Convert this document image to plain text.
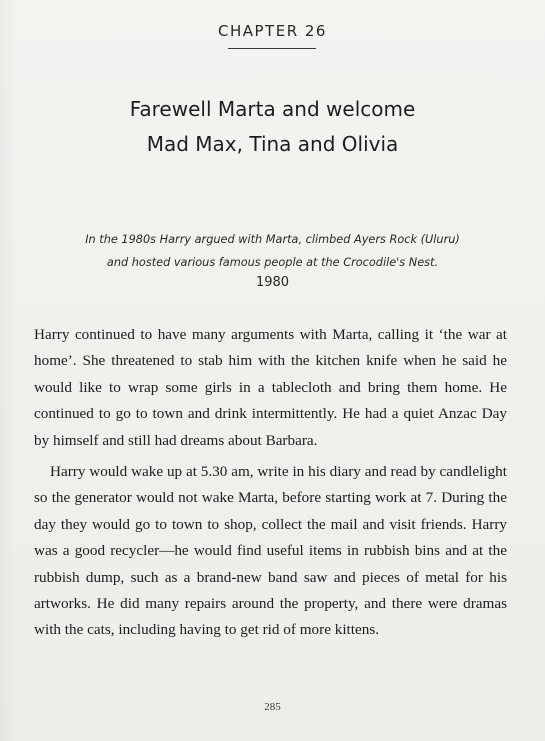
CHAPTER 26
Farewell Marta and welcome
Mad Max, Tina and Olivia
In the 1980s Harry argued with Marta, climbed Ayers Rock (Uluru)
and hosted various famous people at the Crocodile's Nest.
1980

Harry continued to have many arguments with Marta, calling it ‘the war at home’. She threatened to stab him with the kitchen knife when he said he would like to wrap some girls in a tablecloth and bring them home. He continued to go to town and drink intermittently. He had a quiet Anzac Day by himself and still had dreams about Barbara.

Harry would wake up at 5.30 am, write in his diary and read by candlelight so the generator would not wake Marta, before starting work at 7. During the day they would go to town to shop, collect the mail and visit friends. Harry was a good recycler—he would find useful items in rubbish bins and at the rubbish dump, such as a brand-new band saw and pieces of metal for his artworks. He did many repairs around the property, and there were dramas with the cats, including having to get rid of more kittens.

285
